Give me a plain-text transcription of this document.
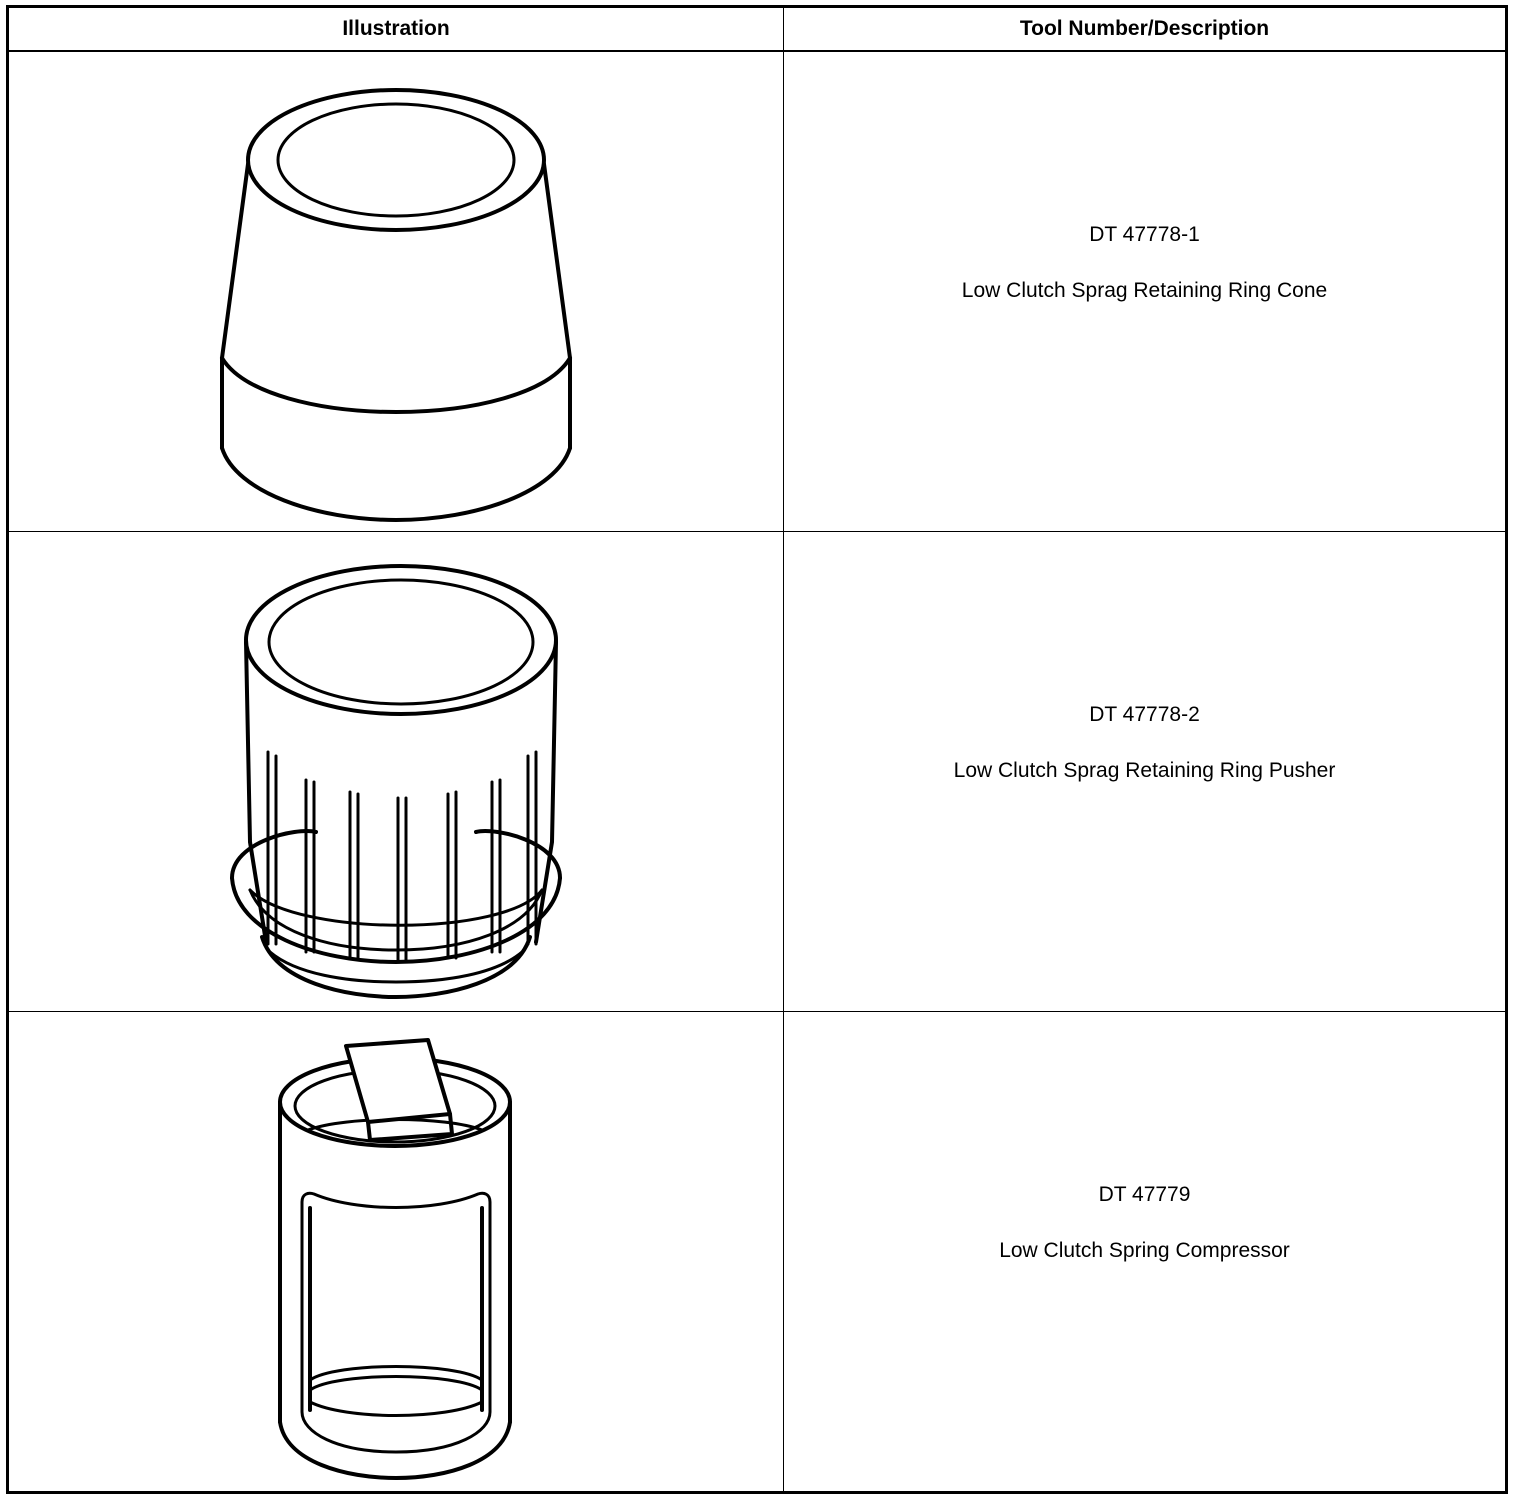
Illustration	Tool Number/Description

DT 47778-1
Low Clutch Sprag Retaining Ring Cone

DT 47778-2
Low Clutch Sprag Retaining Ring Pusher

DT 47779
Low Clutch Spring Compressor
